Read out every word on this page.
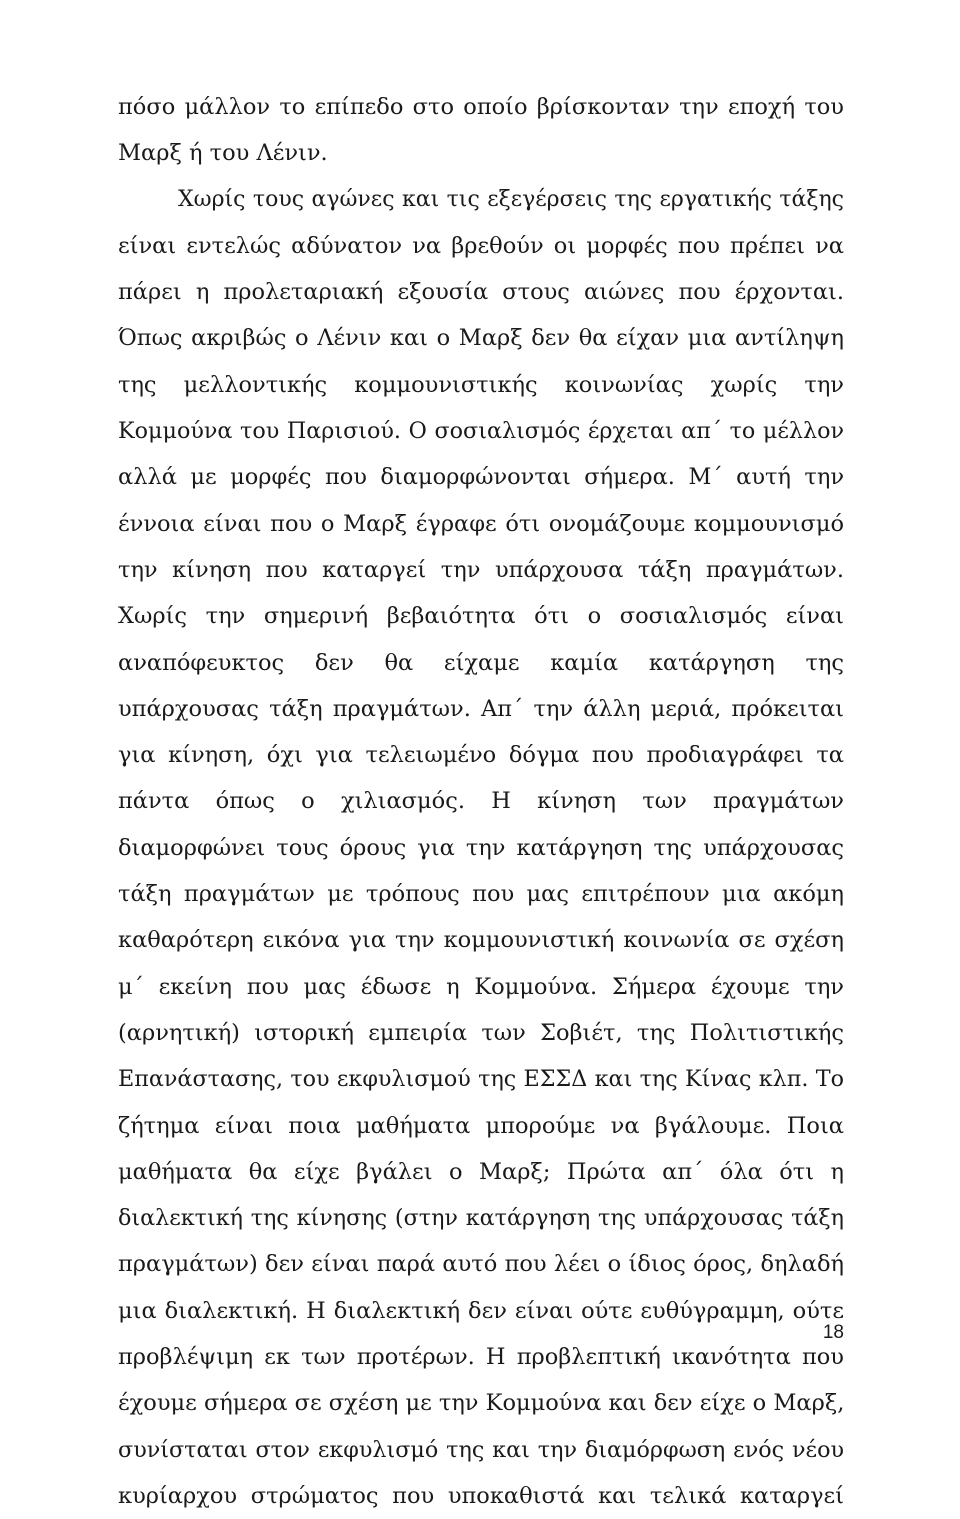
πόσο μάλλον το επίπεδο στο οποίο βρίσκονταν την εποχή του
Μαρξ ή του Λένιν.
Χωρίς τους αγώνες και τις εξεγέρσεις της εργατικής τάξης
είναι εντελώς αδύνατον να βρεθούν οι μορφές που πρέπει να
πάρει η προλεταριακή εξουσία στους αιώνες που έρχονται.
Όπως ακριβώς ο Λένιν και ο Μαρξ δεν θα είχαν μια αντίληψη
της μελλοντικής κομμουνιστικής κοινωνίας χωρίς την
Κομμούνα του Παρισιού. Ο σοσιαλισμός έρχεται απ΄ το μέλλον
αλλά με μορφές που διαμορφώνονται σήμερα. Μ΄ αυτή την
έννοια είναι που ο Μαρξ έγραφε ότι ονομάζουμε κομμουνισμό
την κίνηση που καταργεί την υπάρχουσα τάξη πραγμάτων.
Χωρίς την σημερινή βεβαιότητα ότι ο σοσιαλισμός είναι
αναπόφευκτος δεν θα είχαμε καμία κατάργηση της
υπάρχουσας τάξη πραγμάτων. Απ΄ την άλλη μεριά, πρόκειται
για κίνηση, όχι για τελειωμένο δόγμα που προδιαγράφει τα
πάντα όπως ο χιλιασμός. Η κίνηση των πραγμάτων
διαμορφώνει τους όρους για την κατάργηση της υπάρχουσας
τάξη πραγμάτων με τρόπους που μας επιτρέπουν μια ακόμη
καθαρότερη εικόνα για την κομμουνιστική κοινωνία σε σχέση
μ΄ εκείνη που μας έδωσε η Κομμούνα. Σήμερα έχουμε την
(αρνητική) ιστορική εμπειρία των Σοβιέτ, της Πολιτιστικής
Επανάστασης, του εκφυλισμού της ΕΣΣΔ και της Κίνας κλπ. Το
ζήτημα είναι ποια μαθήματα μπορούμε να βγάλουμε. Ποια
μαθήματα θα είχε βγάλει ο Μαρξ; Πρώτα απ΄ όλα ότι η
διαλεκτική της κίνησης (στην κατάργηση της υπάρχουσας τάξη
πραγμάτων) δεν είναι παρά αυτό που λέει ο ίδιος όρος, δηλαδή
μια διαλεκτική. Η διαλεκτική δεν είναι ούτε ευθύγραμμη, ούτε
προβλέψιμη εκ των προτέρων. Η προβλεπτική ικανότητα που
έχουμε σήμερα σε σχέση με την Κομμούνα και δεν είχε ο Μαρξ,
συνίσταται στον εκφυλισμό της και την διαμόρφωση ενός νέου
κυρίαρχου στρώματος που υποκαθιστά και τελικά καταργεί
18
